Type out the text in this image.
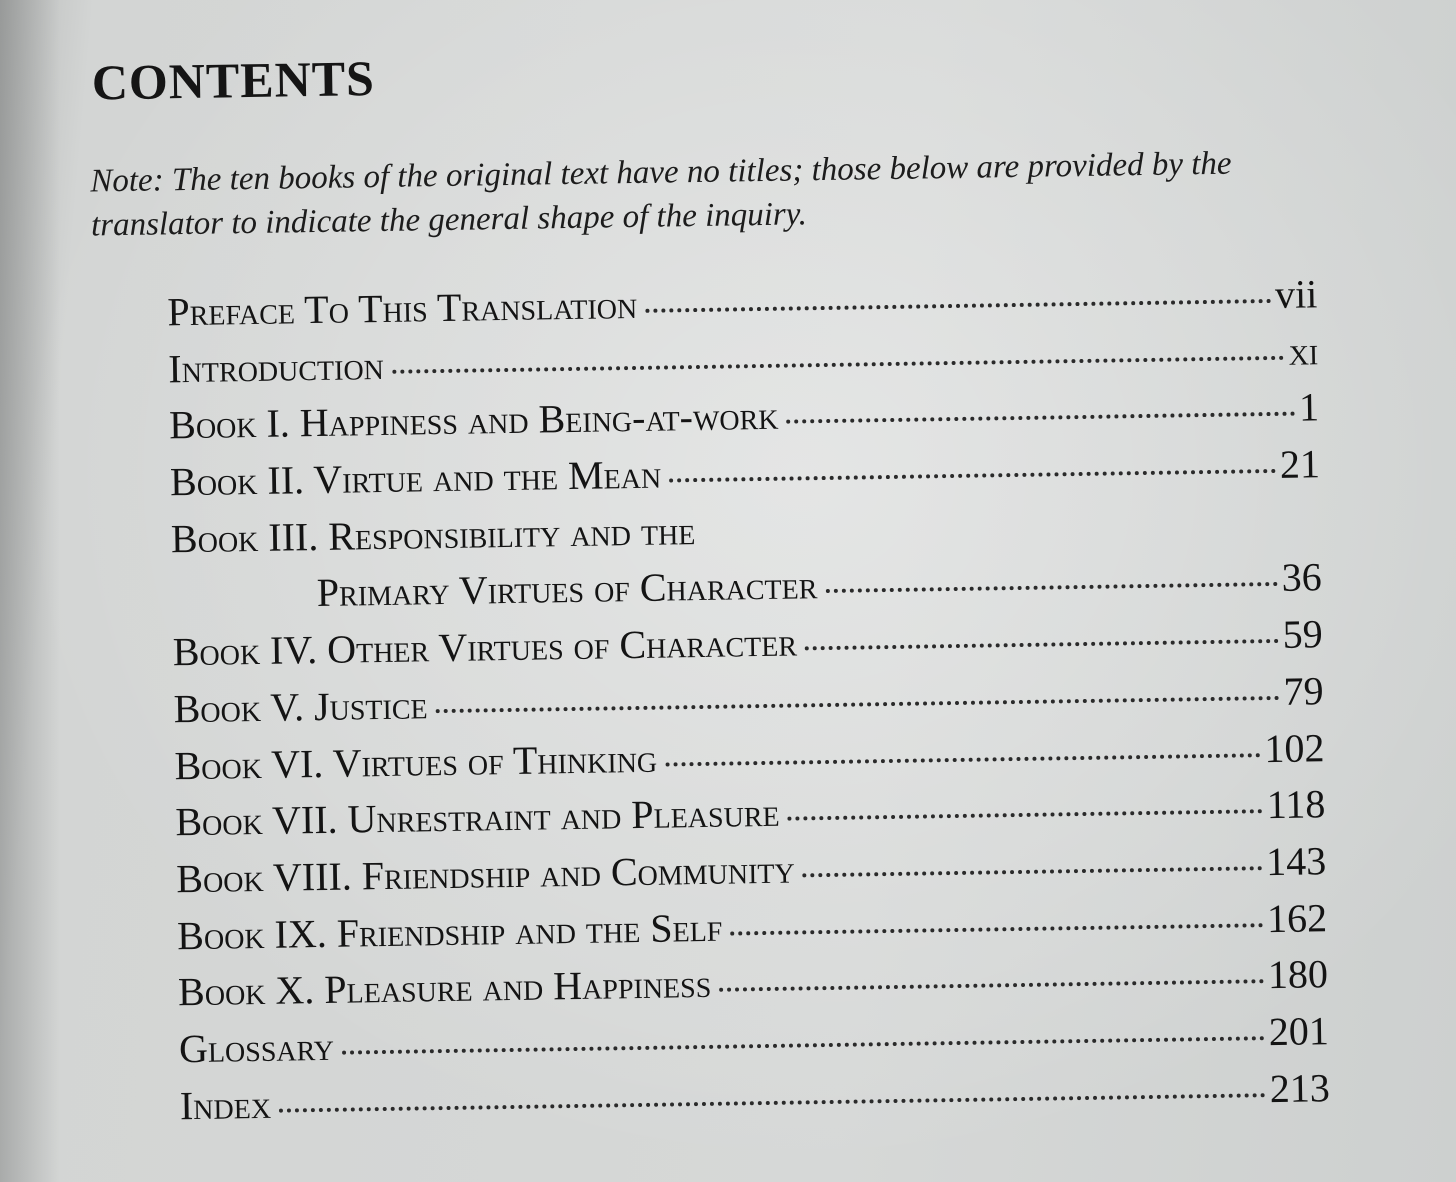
CONTENTS

Note: The ten books of the original text have no titles; those below are provided by the translator to indicate the general shape of the inquiry.

Preface To This Translation	vii
Introduction	xi
Book I. Happiness and Being-at-work	1
Book II. Virtue and the Mean	21
Book III. Responsibility and the
Primary Virtues of Character	36
Book IV. Other Virtues of Character	59
Book V. Justice	79
Book VI. Virtues of Thinking	102
Book VII. Unrestraint and Pleasure	118
Book VIII. Friendship and Community	143
Book IX. Friendship and the Self	162
Book X. Pleasure and Happiness	180
Glossary	201
Index	213
